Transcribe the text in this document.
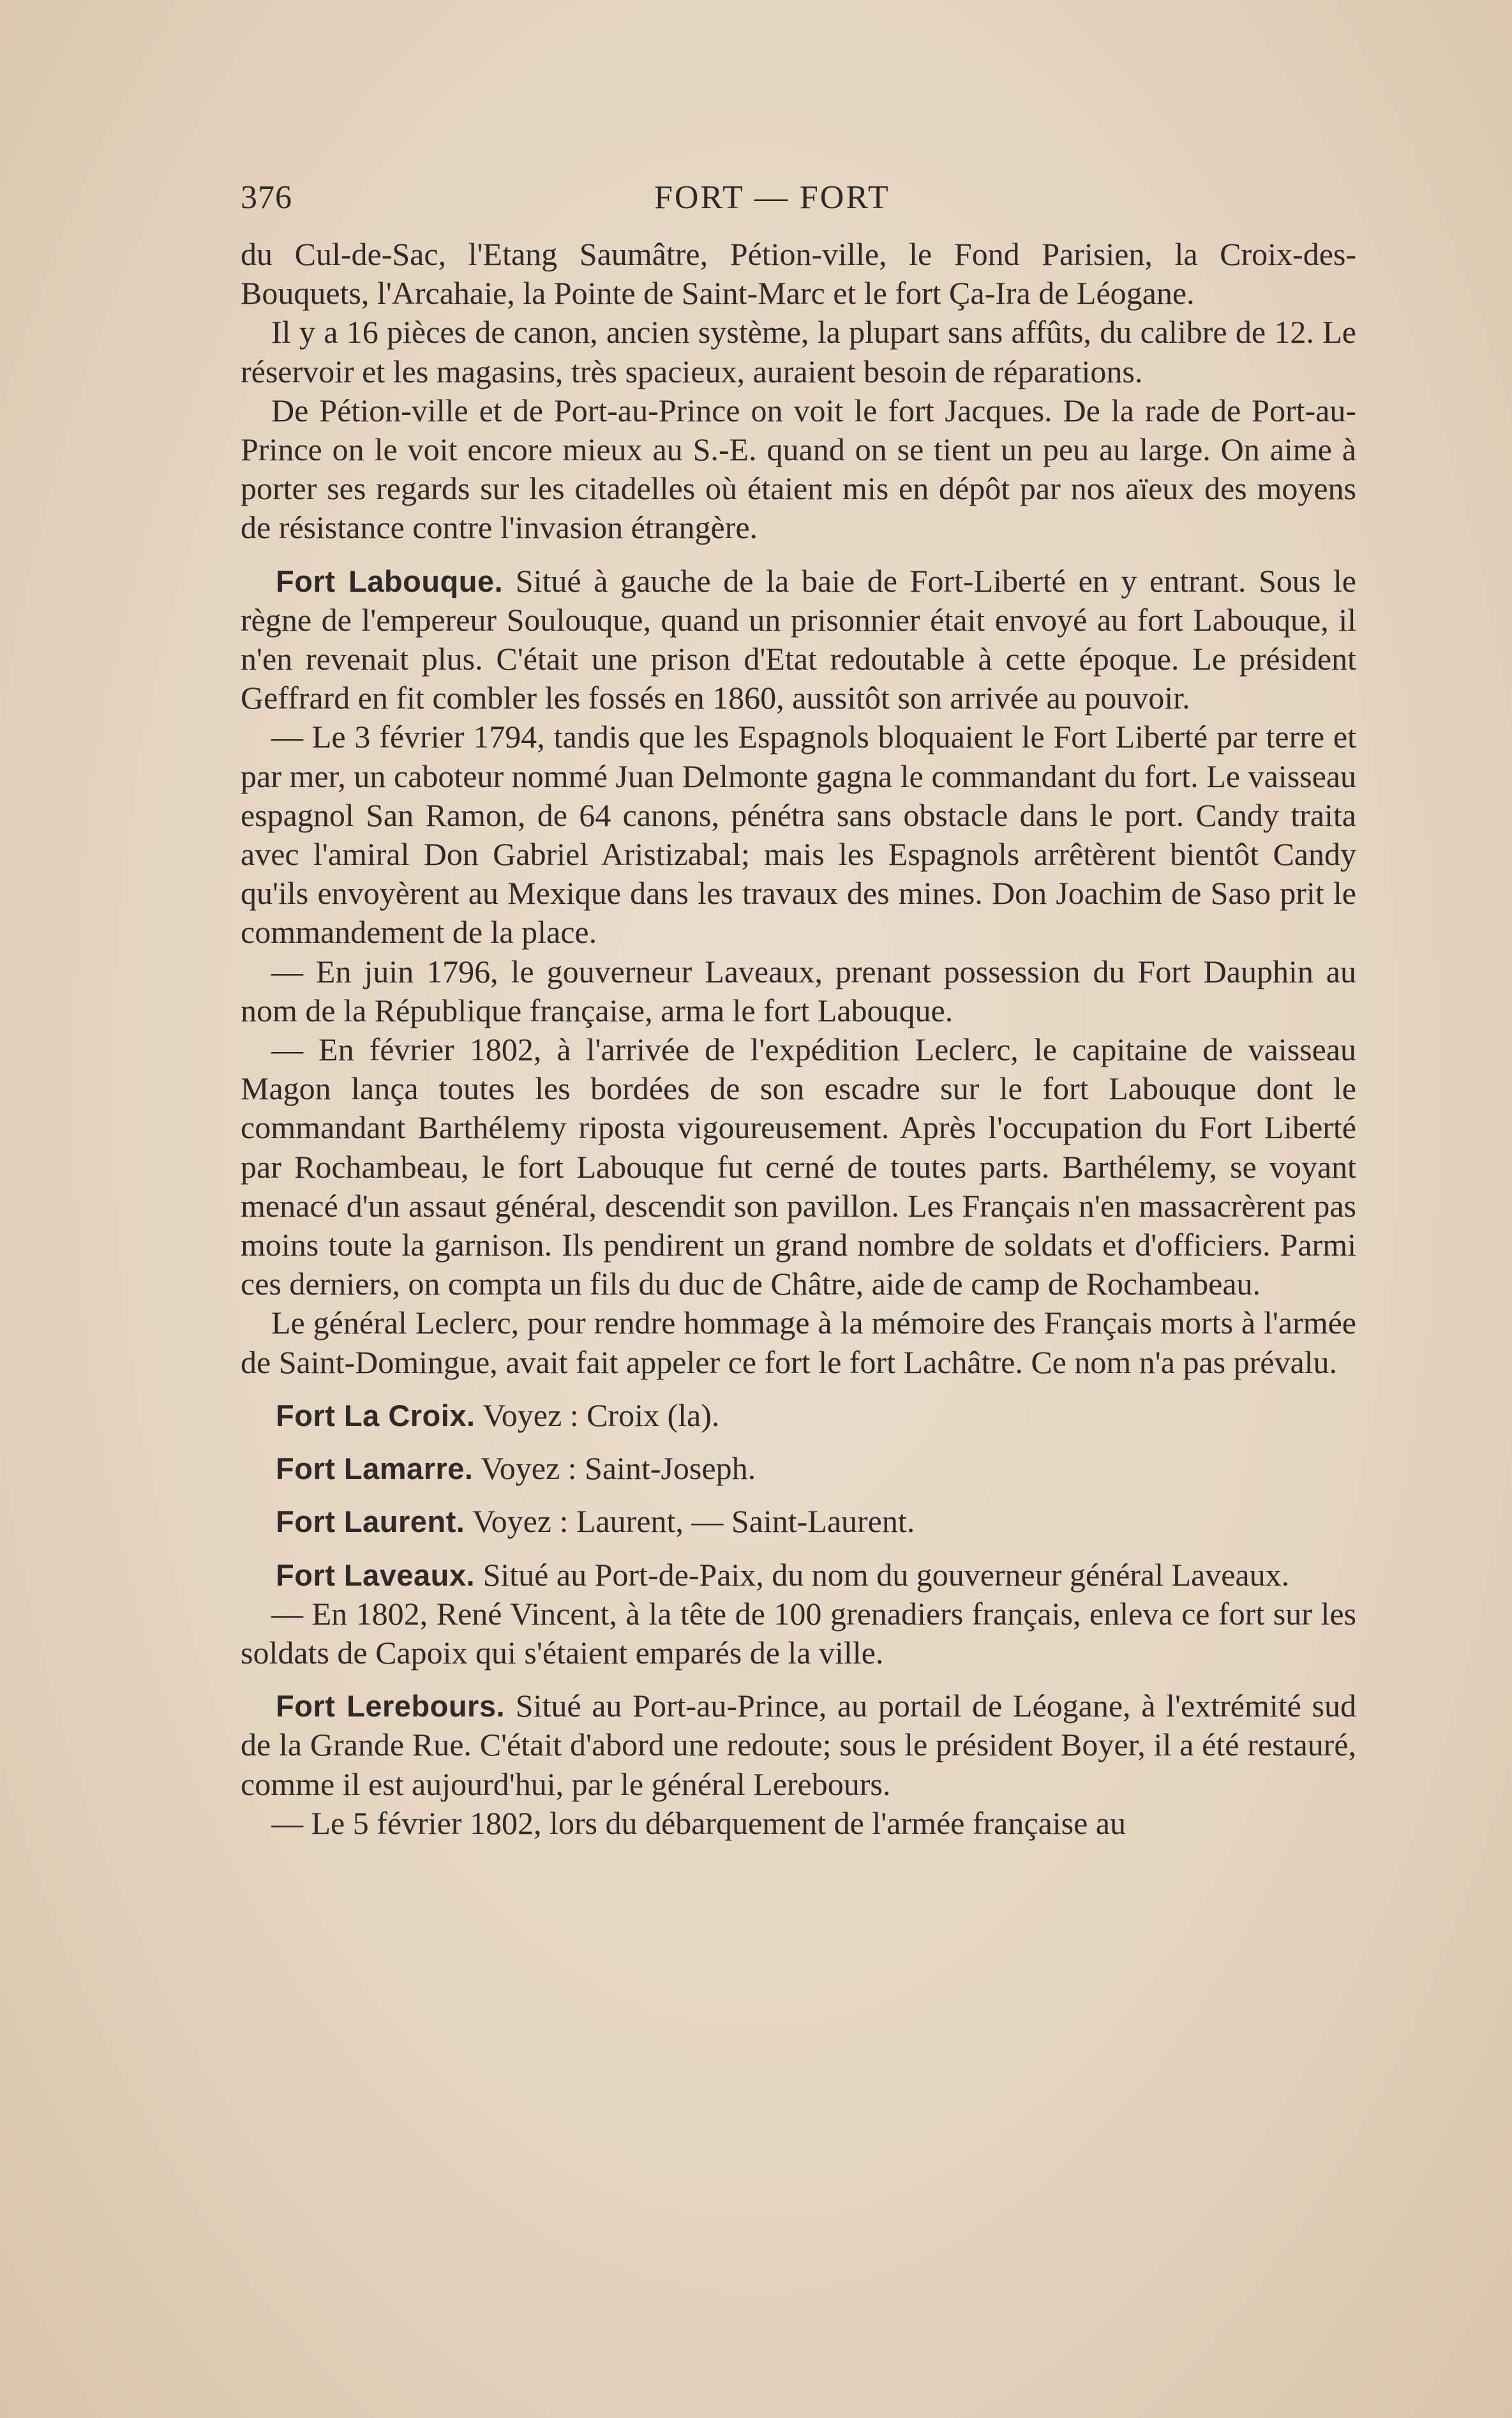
376	FORT — FORT

du Cul-de-Sac, l'Etang Saumâtre, Pétion-ville, le Fond Parisien, la Croix-des-Bouquets, l'Arcahaie, la Pointe de Saint-Marc et le fort Ça-Ira de Léogane.

Il y a 16 pièces de canon, ancien système, la plupart sans affûts, du calibre de 12. Le réservoir et les magasins, très spacieux, auraient besoin de réparations.

De Pétion-ville et de Port-au-Prince on voit le fort Jacques. De la rade de Port-au-Prince on le voit encore mieux au S.-E. quand on se tient un peu au large. On aime à porter ses regards sur les citadelles où étaient mis en dépôt par nos aïeux des moyens de résistance contre l'invasion étrangère.

Fort Labouque. Situé à gauche de la baie de Fort-Liberté en y entrant. Sous le règne de l'empereur Soulouque, quand un prisonnier était envoyé au fort Labouque, il n'en revenait plus. C'était une prison d'Etat redoutable à cette époque. Le président Geffrard en fit combler les fossés en 1860, aussitôt son arrivée au pouvoir.

— Le 3 février 1794, tandis que les Espagnols bloquaient le Fort Liberté par terre et par mer, un caboteur nommé Juan Delmonte gagna le commandant du fort. Le vaisseau espagnol San Ramon, de 64 canons, pénétra sans obstacle dans le port. Candy traita avec l'amiral Don Gabriel Aristizabal; mais les Espagnols arrêtèrent bientôt Candy qu'ils envoyèrent au Mexique dans les travaux des mines. Don Joachim de Saso prit le commandement de la place.

— En juin 1796, le gouverneur Laveaux, prenant possession du Fort Dauphin au nom de la République française, arma le fort Labouque.

— En février 1802, à l'arrivée de l'expédition Leclerc, le capitaine de vaisseau Magon lança toutes les bordées de son escadre sur le fort Labouque dont le commandant Barthélemy riposta vigoureusement. Après l'occupation du Fort Liberté par Rochambeau, le fort Labouque fut cerné de toutes parts. Barthélemy, se voyant menacé d'un assaut général, descendit son pavillon. Les Français n'en massacrèrent pas moins toute la garnison. Ils pendirent un grand nombre de soldats et d'officiers. Parmi ces derniers, on compta un fils du duc de Châtre, aide de camp de Rochambeau.

Le général Leclerc, pour rendre hommage à la mémoire des Français morts à l'armée de Saint-Domingue, avait fait appeler ce fort le fort Lachâtre. Ce nom n'a pas prévalu.

Fort La Croix. Voyez : Croix (la).

Fort Lamarre. Voyez : Saint-Joseph.

Fort Laurent. Voyez : Laurent, — Saint-Laurent.

Fort Laveaux. Situé au Port-de-Paix, du nom du gouverneur général Laveaux.

— En 1802, René Vincent, à la tête de 100 grenadiers français, enleva ce fort sur les soldats de Capoix qui s'étaient emparés de la ville.

Fort Lerebours. Situé au Port-au-Prince, au portail de Léogane, à l'extrémité sud de la Grande Rue. C'était d'abord une redoute; sous le président Boyer, il a été restauré, comme il est aujourd'hui, par le général Lerebours.

— Le 5 février 1802, lors du débarquement de l'armée française au
